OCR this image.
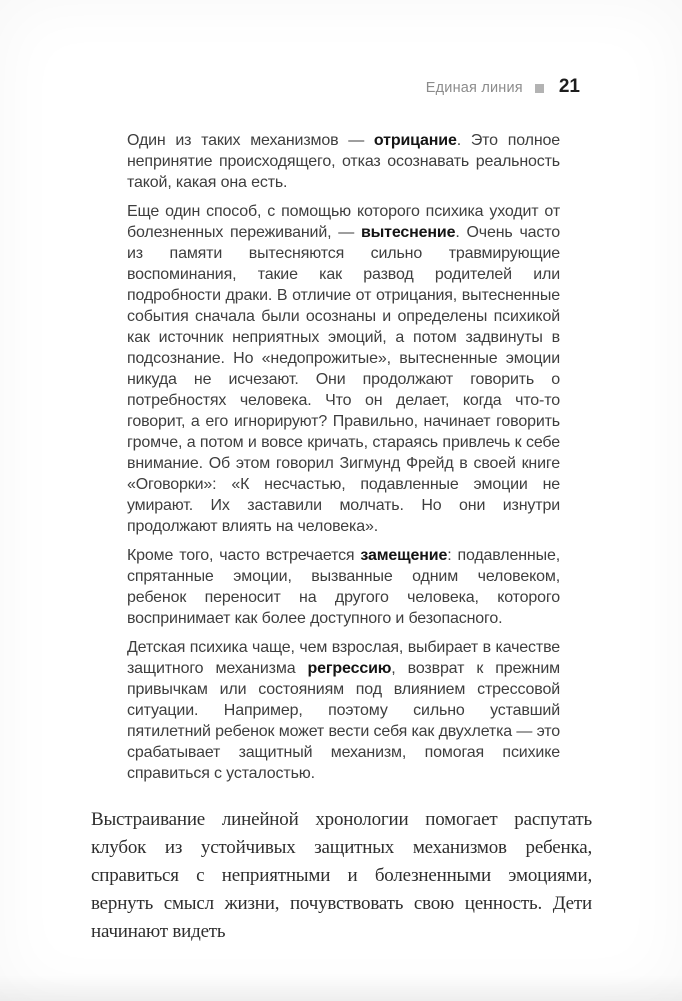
Единая линия 21

Один из таких механизмов — отрицание. Это полное непринятие происходящего, отказ осознавать реальность такой, какая она есть.

Еще один способ, с помощью которого психика уходит от болезненных переживаний, — вытеснение. Очень часто из памяти вытесняются сильно травмирующие воспоминания, такие как развод родителей или подробности драки. В отличие от отрицания, вытесненные события сначала были осознаны и определены психикой как источник неприятных эмоций, а потом задвинуты в подсознание. Но «недопрожитые», вытесненные эмоции никуда не исчезают. Они продолжают говорить о потребностях человека. Что он делает, когда что-то говорит, а его игнорируют? Правильно, начинает говорить громче, а потом и вовсе кричать, стараясь привлечь к себе внимание. Об этом говорил Зигмунд Фрейд в своей книге «Оговорки»: «К несчастью, подавленные эмоции не умирают. Их заставили молчать. Но они изнутри продолжают влиять на человека».

Кроме того, часто встречается замещение: подавленные, спрятанные эмоции, вызванные одним человеком, ребенок переносит на другого человека, которого воспринимает как более доступного и безопасного.

Детская психика чаще, чем взрослая, выбирает в качестве защитного механизма регрессию, возврат к прежним привычкам или состояниям под влиянием стрессовой ситуации. Например, поэтому сильно уставший пятилетний ребенок может вести себя как двухлетка — это срабатывает защитный механизм, помогая психике справиться с усталостью.

Выстраивание линейной хронологии помогает распутать клубок из устойчивых защитных механизмов ребенка, справиться с неприятными и болезненными эмоциями, вернуть смысл жизни, почувствовать свою ценность. Дети начинают видеть
